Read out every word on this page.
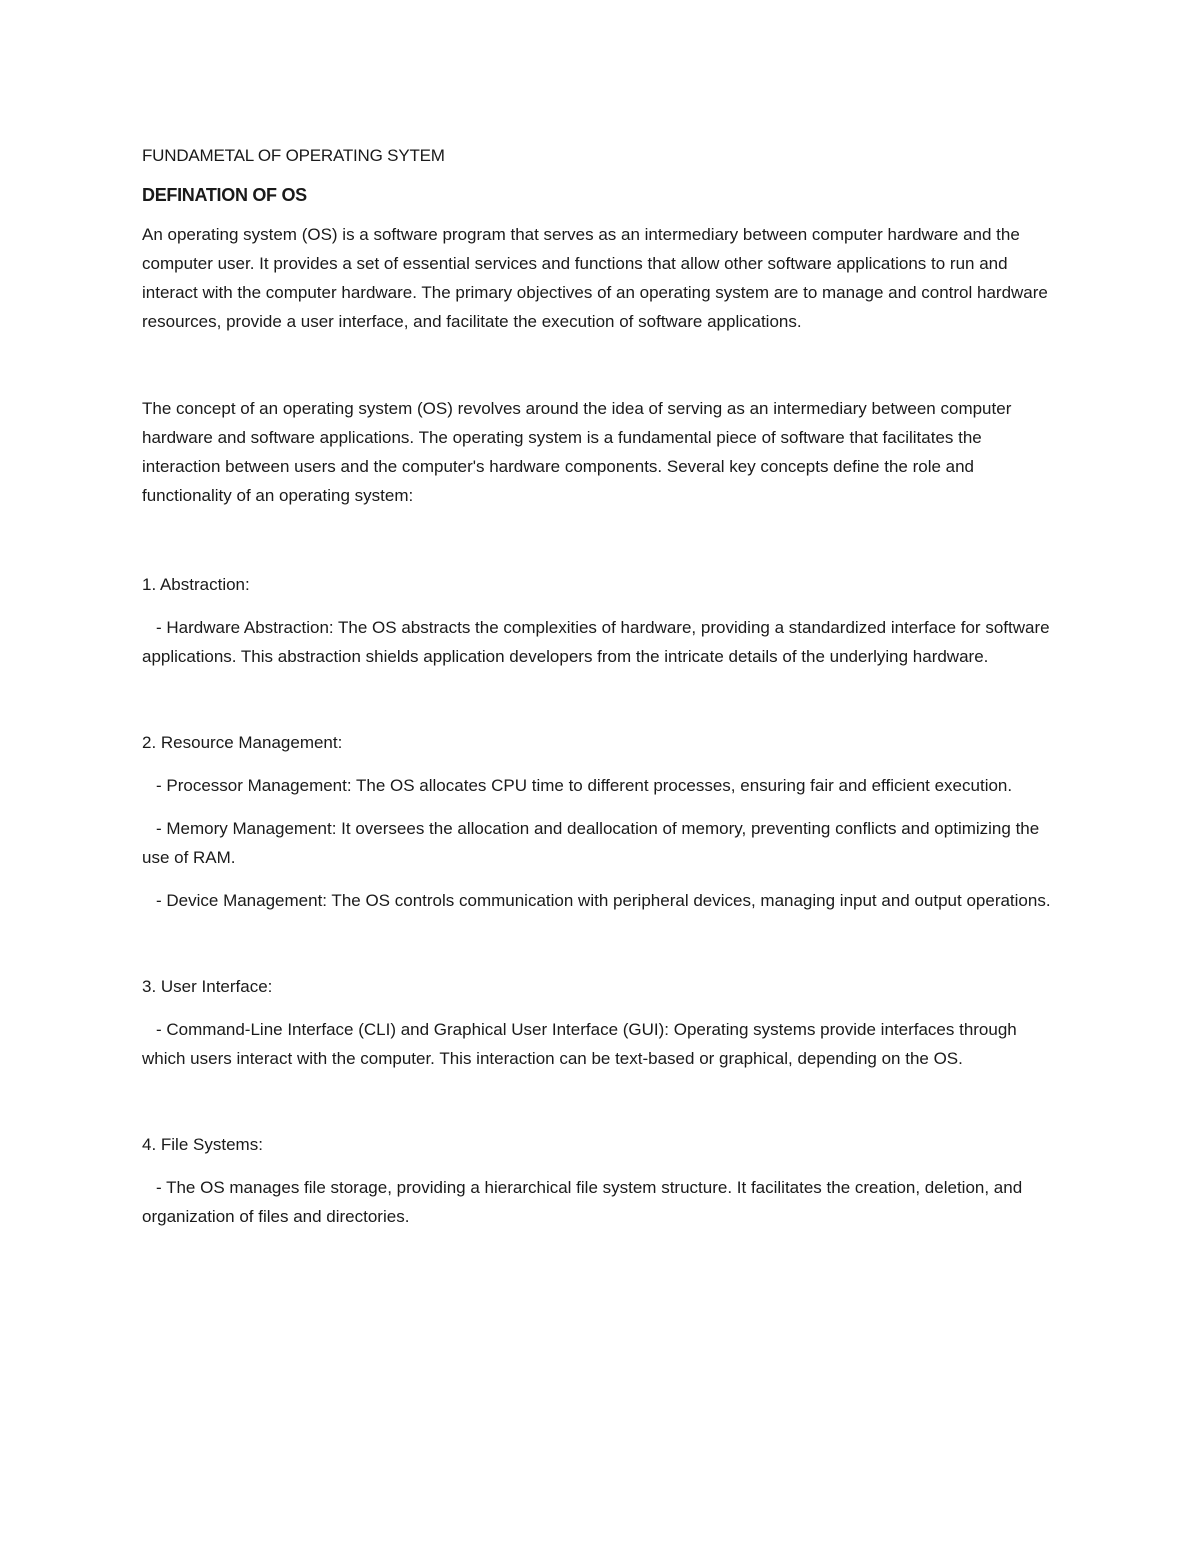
FUNDAMETAL OF OPERATING SYTEM

DEFINATION OF OS

An operating system (OS) is a software program that serves as an intermediary between computer hardware and the computer user. It provides a set of essential services and functions that allow other software applications to run and interact with the computer hardware. The primary objectives of an operating system are to manage and control hardware resources, provide a user interface, and facilitate the execution of software applications.

The concept of an operating system (OS) revolves around the idea of serving as an intermediary between computer hardware and software applications. The operating system is a fundamental piece of software that facilitates the interaction between users and the computer's hardware components. Several key concepts define the role and functionality of an operating system:

1. Abstraction:

- Hardware Abstraction: The OS abstracts the complexities of hardware, providing a standardized interface for software applications. This abstraction shields application developers from the intricate details of the underlying hardware.

2. Resource Management:

- Processor Management: The OS allocates CPU time to different processes, ensuring fair and efficient execution.

- Memory Management: It oversees the allocation and deallocation of memory, preventing conflicts and optimizing the use of RAM.

- Device Management: The OS controls communication with peripheral devices, managing input and output operations.

3. User Interface:

- Command-Line Interface (CLI) and Graphical User Interface (GUI): Operating systems provide interfaces through which users interact with the computer. This interaction can be text-based or graphical, depending on the OS.

4. File Systems:

- The OS manages file storage, providing a hierarchical file system structure. It facilitates the creation, deletion, and organization of files and directories.
